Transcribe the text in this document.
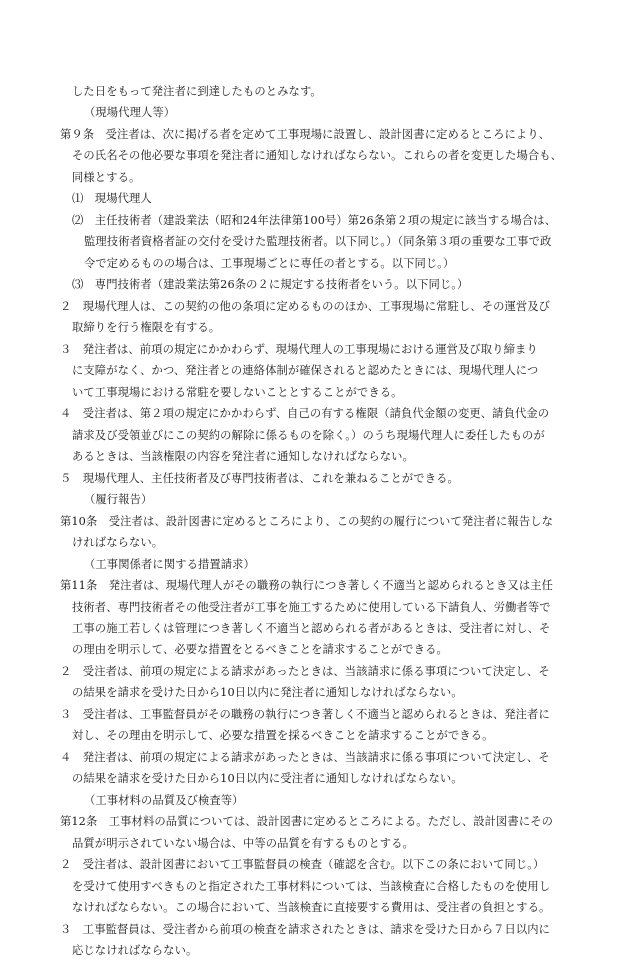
した日をもって発注者に到達したものとみなす。
（現場代理人等）
第９条　受注者は、次に掲げる者を定めて工事現場に設置し、設計図書に定めるところにより、
その氏名その他必要な事項を発注者に通知しなければならない。これらの者を変更した場合も、
同様とする。
⑴　現場代理人
⑵　主任技術者（建設業法（昭和24年法律第100号）第26条第２項の規定に該当する場合は、
監理技術者資格者証の交付を受けた監理技術者。以下同じ。）（同条第３項の重要な工事で政
令で定めるものの場合は、工事現場ごとに専任の者とする。以下同じ。）
⑶　専門技術者（建設業法第26条の２に規定する技術者をいう。以下同じ。）
２　現場代理人は、この契約の他の条項に定めるもののほか、工事現場に常駐し、その運営及び
取締りを行う権限を有する。
３　発注者は、前項の規定にかかわらず、現場代理人の工事現場における運営及び取り締まり
に支障がなく、かつ、発注者との連絡体制が確保されると認めたときには、現場代理人につ
いて工事現場における常駐を要しないこととすることができる。
４　受注者は、第２項の規定にかかわらず、自己の有する権限（請負代金額の変更、請負代金の
請求及び受領並びにこの契約の解除に係るものを除く。）のうち現場代理人に委任したものが
あるときは、当該権限の内容を発注者に通知しなければならない。
５　現場代理人、主任技術者及び専門技術者は、これを兼ねることができる。
（履行報告）
第10条　受注者は、設計図書に定めるところにより、この契約の履行について発注者に報告しな
ければならない。
（工事関係者に関する措置請求）
第11条　発注者は、現場代理人がその職務の執行につき著しく不適当と認められるとき又は主任
技術者、専門技術者その他受注者が工事を施工するために使用している下請負人、労働者等で
工事の施工若しくは管理につき著しく不適当と認められる者があるときは、受注者に対し、そ
の理由を明示して、必要な措置をとるべきことを請求することができる。
２　受注者は、前項の規定による請求があったときは、当該請求に係る事項について決定し、そ
の結果を請求を受けた日から10日以内に発注者に通知しなければならない。
３　受注者は、工事監督員がその職務の執行につき著しく不適当と認められるときは、発注者に
対し、その理由を明示して、必要な措置を採るべきことを請求することができる。
４　発注者は、前項の規定による請求があったときは、当該請求に係る事項について決定し、そ
の結果を請求を受けた日から10日以内に受注者に通知しなければならない。
（工事材料の品質及び検査等）
第12条　工事材料の品質については、設計図書に定めるところによる。ただし、設計図書にその
品質が明示されていない場合は、中等の品質を有するものとする。
２　受注者は、設計図書において工事監督員の検査（確認を含む。以下この条において同じ。）
を受けて使用すべきものと指定された工事材料については、当該検査に合格したものを使用し
なければならない。この場合において、当該検査に直接要する費用は、受注者の負担とする。
３　工事監督員は、受注者から前項の検査を請求されたときは、請求を受けた日から７日以内に
応じなければならない。
